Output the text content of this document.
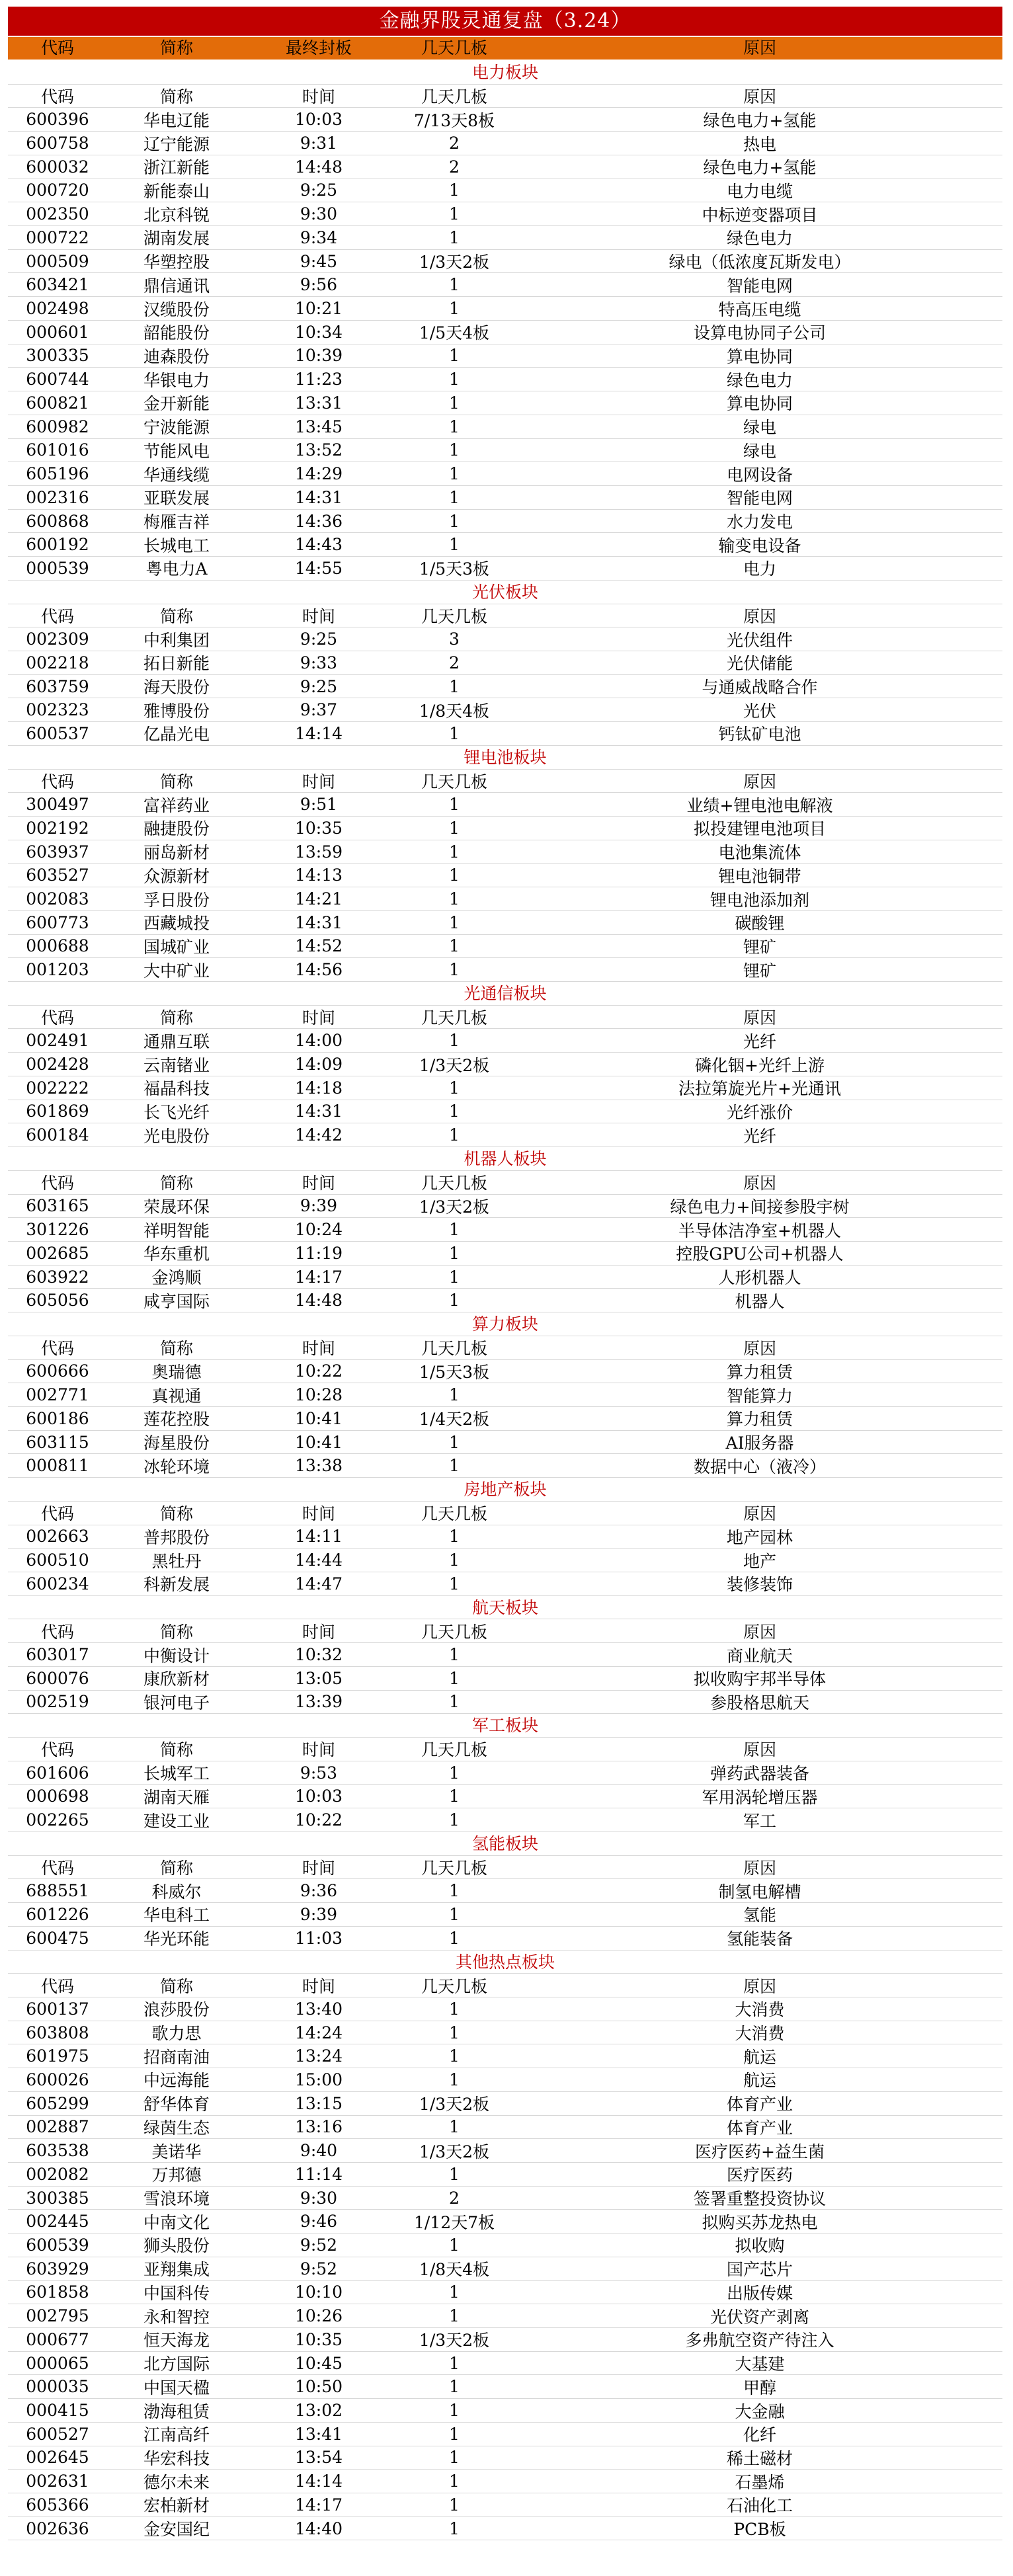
金融界股灵通复盘（3.24）
代码	简称	最终封板	几天几板	原因
电力板块
代码	简称	时间	几天几板	原因
600396	华电辽能	10:03	7/13天8板	绿色电力+氢能
600758	辽宁能源	9:31	2	热电
600032	浙江新能	14:48	2	绿色电力+氢能
000720	新能泰山	9:25	1	电力电缆
002350	北京科锐	9:30	1	中标逆变器项目
000722	湖南发展	9:34	1	绿色电力
000509	华塑控股	9:45	1/3天2板	绿电（低浓度瓦斯发电）
603421	鼎信通讯	9:56	1	智能电网
002498	汉缆股份	10:21	1	特高压电缆
000601	韶能股份	10:34	1/5天4板	设算电协同子公司
300335	迪森股份	10:39	1	算电协同
600744	华银电力	11:23	1	绿色电力
600821	金开新能	13:31	1	算电协同
600982	宁波能源	13:45	1	绿电
601016	节能风电	13:52	1	绿电
605196	华通线缆	14:29	1	电网设备
002316	亚联发展	14:31	1	智能电网
600868	梅雁吉祥	14:36	1	水力发电
600192	长城电工	14:43	1	输变电设备
000539	粤电力A	14:55	1/5天3板	电力
光伏板块
代码	简称	时间	几天几板	原因
002309	中利集团	9:25	3	光伏组件
002218	拓日新能	9:33	2	光伏储能
603759	海天股份	9:25	1	与通威战略合作
002323	雅博股份	9:37	1/8天4板	光伏
600537	亿晶光电	14:14	1	钙钛矿电池
锂电池板块
代码	简称	时间	几天几板	原因
300497	富祥药业	9:51	1	业绩+锂电池电解液
002192	融捷股份	10:35	1	拟投建锂电池项目
603937	丽岛新材	13:59	1	电池集流体
603527	众源新材	14:13	1	锂电池铜带
002083	孚日股份	14:21	1	锂电池添加剂
600773	西藏城投	14:31	1	碳酸锂
000688	国城矿业	14:52	1	锂矿
001203	大中矿业	14:56	1	锂矿
光通信板块
代码	简称	时间	几天几板	原因
002491	通鼎互联	14:00	1	光纤
002428	云南锗业	14:09	1/3天2板	磷化铟+光纤上游
002222	福晶科技	14:18	1	法拉第旋光片+光通讯
601869	长飞光纤	14:31	1	光纤涨价
600184	光电股份	14:42	1	光纤
机器人板块
代码	简称	时间	几天几板	原因
603165	荣晟环保	9:39	1/3天2板	绿色电力+间接参股宇树
301226	祥明智能	10:24	1	半导体洁净室+机器人
002685	华东重机	11:19	1	控股GPU公司+机器人
603922	金鸿顺	14:17	1	人形机器人
605056	咸亨国际	14:48	1	机器人
算力板块
代码	简称	时间	几天几板	原因
600666	奥瑞德	10:22	1/5天3板	算力租赁
002771	真视通	10:28	1	智能算力
600186	莲花控股	10:41	1/4天2板	算力租赁
603115	海星股份	10:41	1	AI服务器
000811	冰轮环境	13:38	1	数据中心（液冷）
房地产板块
代码	简称	时间	几天几板	原因
002663	普邦股份	14:11	1	地产园林
600510	黑牡丹	14:44	1	地产
600234	科新发展	14:47	1	装修装饰
航天板块
代码	简称	时间	几天几板	原因
603017	中衡设计	10:32	1	商业航天
600076	康欣新材	13:05	1	拟收购宇邦半导体
002519	银河电子	13:39	1	参股格思航天
军工板块
代码	简称	时间	几天几板	原因
601606	长城军工	9:53	1	弹药武器装备
000698	湖南天雁	10:03	1	军用涡轮增压器
002265	建设工业	10:22	1	军工
氢能板块
代码	简称	时间	几天几板	原因
688551	科威尔	9:36	1	制氢电解槽
601226	华电科工	9:39	1	氢能
600475	华光环能	11:03	1	氢能装备
其他热点板块
代码	简称	时间	几天几板	原因
600137	浪莎股份	13:40	1	大消费
603808	歌力思	14:24	1	大消费
601975	招商南油	13:24	1	航运
600026	中远海能	15:00	1	航运
605299	舒华体育	13:15	1/3天2板	体育产业
002887	绿茵生态	13:16	1	体育产业
603538	美诺华	9:40	1/3天2板	医疗医药+益生菌
002082	万邦德	11:14	1	医疗医药
300385	雪浪环境	9:30	2	签署重整投资协议
002445	中南文化	9:46	1/12天7板	拟购买苏龙热电
600539	狮头股份	9:52	1	拟收购
603929	亚翔集成	9:52	1/8天4板	国产芯片
601858	中国科传	10:10	1	出版传媒
002795	永和智控	10:26	1	光伏资产剥离
000677	恒天海龙	10:35	1/3天2板	多弗航空资产待注入
000065	北方国际	10:45	1	大基建
000035	中国天楹	10:50	1	甲醇
000415	渤海租赁	13:02	1	大金融
600527	江南高纤	13:41	1	化纤
002645	华宏科技	13:54	1	稀土磁材
002631	德尔未来	14:14	1	石墨烯
605366	宏柏新材	14:17	1	石油化工
002636	金安国纪	14:40	1	PCB板
